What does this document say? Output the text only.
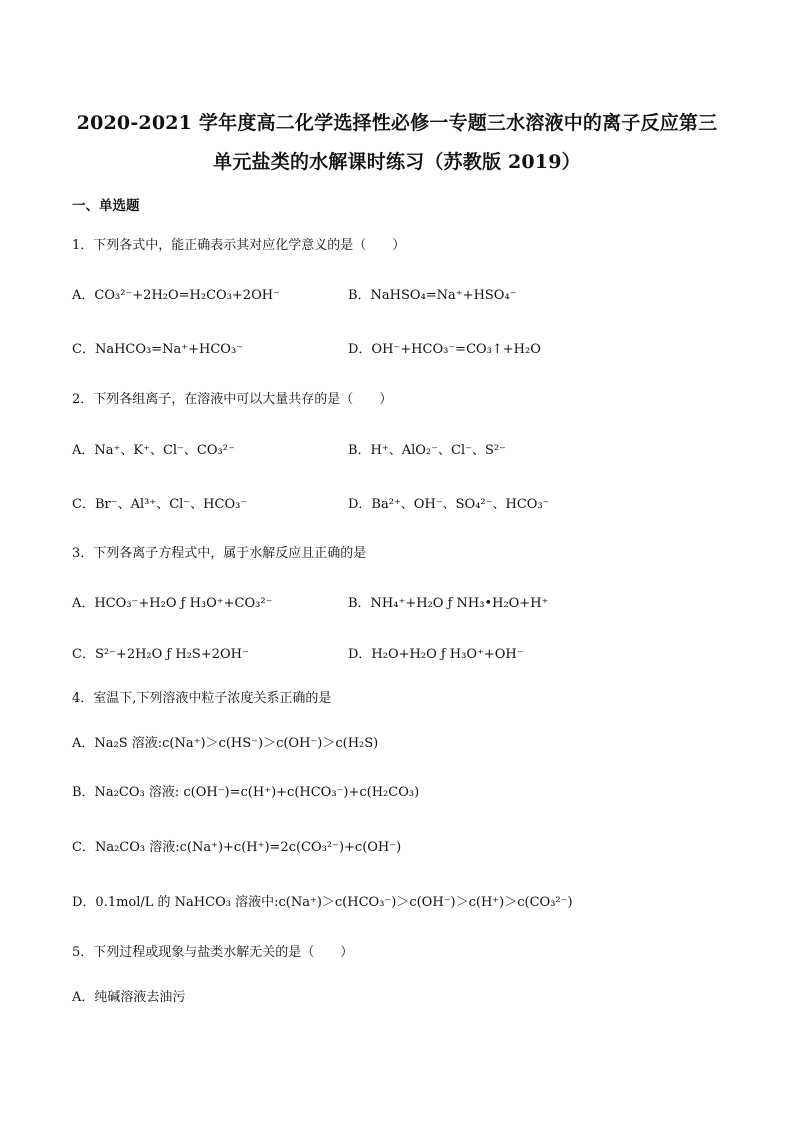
2020-2021 学年度高二化学选择性必修一专题三水溶液中的离子反应第三
单元盐类的水解课时练习（苏教版 2019）
一、单选题
1．下列各式中，能正确表示其对应化学意义的是（　　）
A．CO₃²⁻+2H₂O=H₂CO₃+2OH⁻	B．NaHSO₄=Na⁺+HSO₄⁻
C．NaHCO₃=Na⁺+HCO₃⁻	D．OH⁻+HCO₃⁻=CO₃↑+H₂O
2．下列各组离子，在溶液中可以大量共存的是（　　）
A．Na⁺、K⁺、Cl⁻、CO₃²⁻	B．H⁺、AlO₂⁻、Cl⁻、S²⁻
C．Br⁻、Al³⁺、Cl⁻、HCO₃⁻	D．Ba²⁺、OH⁻、SO₄²⁻、HCO₃⁻
3．下列各离子方程式中，属于水解反应且正确的是
A．HCO₃⁻+H₂O ƒ H₃O⁺+CO₃²⁻	B．NH₄⁺+H₂O ƒ NH₃•H₂O+H⁺
C．S²⁻+2H₂O ƒ H₂S+2OH⁻	D．H₂O+H₂O ƒ H₃O⁺+OH⁻
4．室温下,下列溶液中粒子浓度关系正确的是
A．Na₂S 溶液:c(Na⁺)＞c(HS⁻)＞c(OH⁻)＞c(H₂S)
B．Na₂CO₃ 溶液: c(OH⁻)=c(H⁺)+c(HCO₃⁻)+c(H₂CO₃)
C．Na₂CO₃ 溶液:c(Na⁺)+c(H⁺)=2c(CO₃²⁻)+c(OH⁻)
D．0.1mol/L 的 NaHCO₃ 溶液中:c(Na⁺)＞c(HCO₃⁻)＞c(OH⁻)＞c(H⁺)＞c(CO₃²⁻)
5．下列过程或现象与盐类水解无关的是（　　）
A．纯碱溶液去油污
